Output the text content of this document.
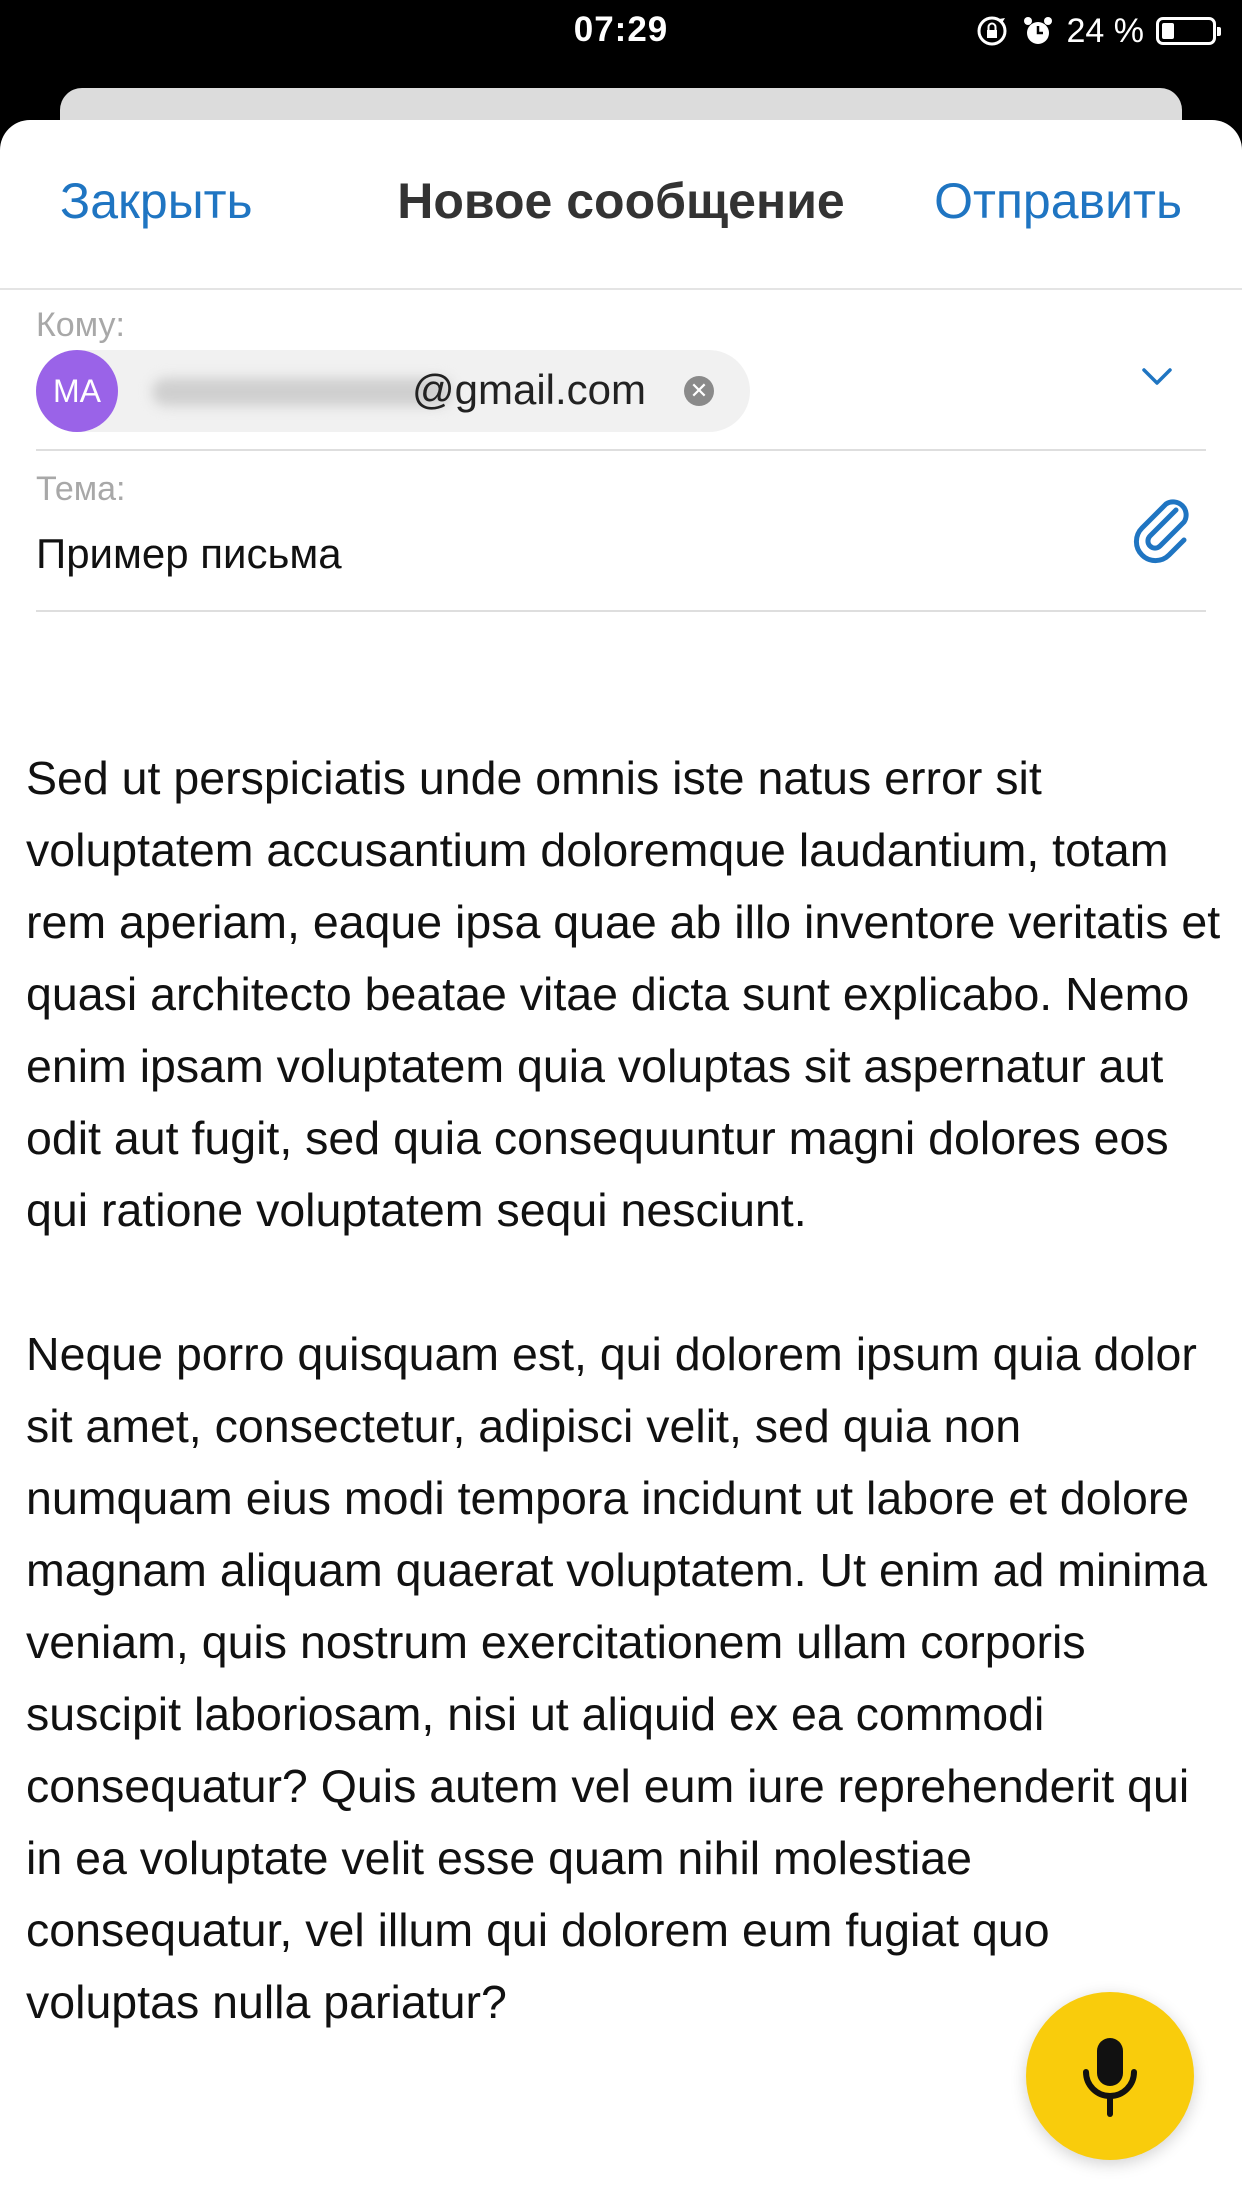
07:29	24 %
Закрыть	Новое сообщение	Отправить
Кому:
MA	@gmail.com ✕
Тема:
Пример письма

Sed ut perspiciatis unde omnis iste natus error sit voluptatem accusantium doloremque laudantium, totam rem aperiam, eaque ipsa quae ab illo inventore veritatis et quasi architecto beatae vitae dicta sunt explicabo. Nemo enim ipsam voluptatem quia voluptas sit aspernatur aut odit aut fugit, sed quia consequuntur magni dolores eos qui ratione voluptatem sequi nesciunt.

Neque porro quisquam est, qui dolorem ipsum quia dolor sit amet, consectetur, adipisci velit, sed quia non numquam eius modi tempora incidunt ut labore et dolore magnam aliquam quaerat voluptatem. Ut enim ad minima veniam, quis nostrum exercitationem ullam corporis suscipit laboriosam, nisi ut aliquid ex ea commodi consequatur? Quis autem vel eum iure reprehenderit qui in ea voluptate velit esse quam nihil molestiae consequatur, vel illum qui dolorem eum fugiat quo voluptas nulla pariatur?
